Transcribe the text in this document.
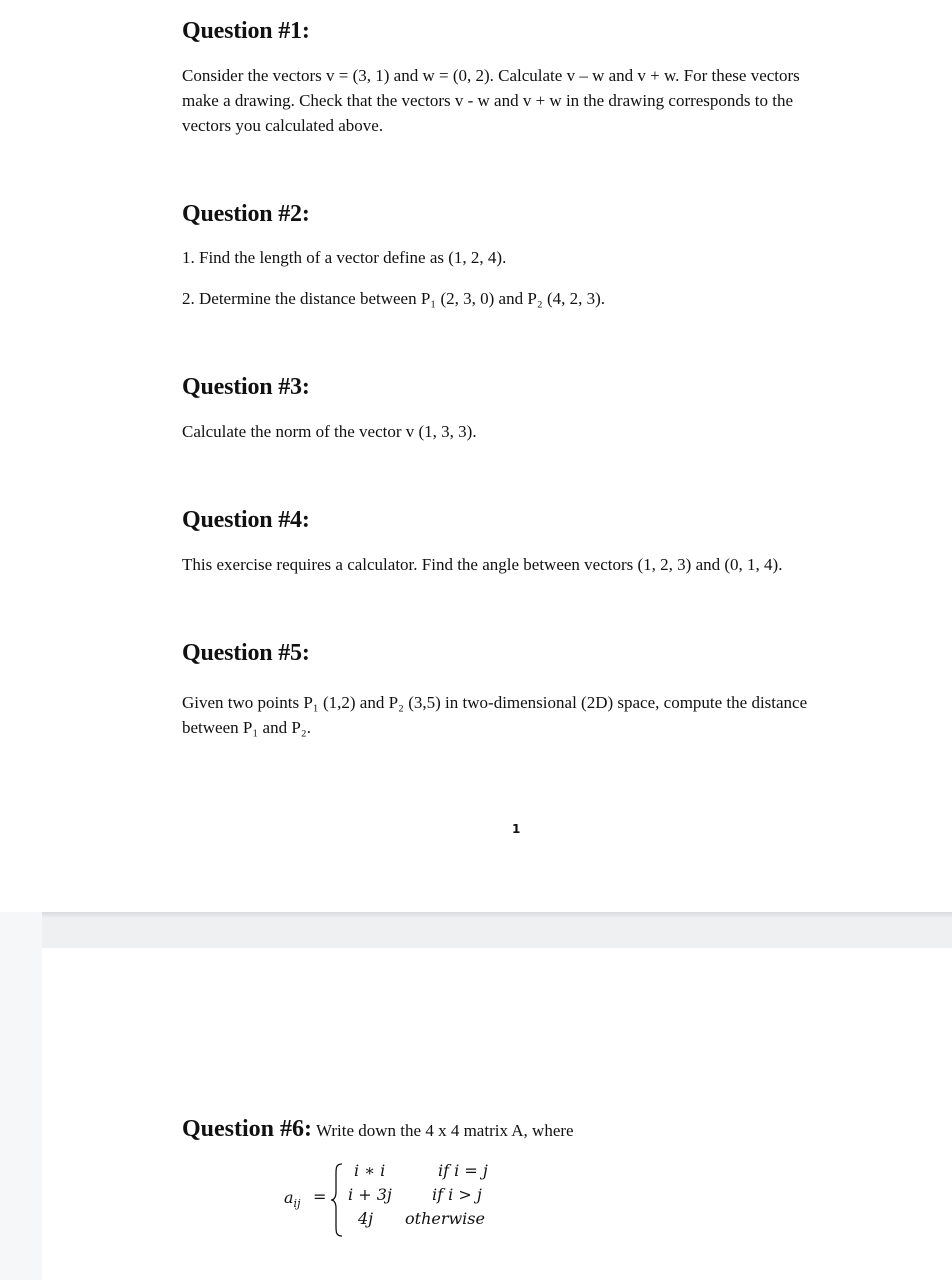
Question #1:

Consider the vectors v = (3, 1) and w = (0, 2). Calculate v – w and v + w. For these vectors make a drawing. Check that the vectors v - w and v + w in the drawing corresponds to the vectors you calculated above.

Question #2:

1. Find the length of a vector define as (1, 2, 4).

2. Determine the distance between P₁ (2, 3, 0) and P₂ (4, 2, 3).

Question #3:

Calculate the norm of the vector v (1, 3, 3).

Question #4:

This exercise requires a calculator. Find the angle between vectors (1, 2, 3) and (0, 1, 4).

Question #5:

Given two points P₁ (1,2) and P₂ (3,5) in two-dimensional (2D) space, compute the distance between P₁ and P₂.

1
Question #6: Write down the 4 x 4 matrix A, where
$a_{ij}$ =
i ∗ i	if i = j
i + 3j	if i > j
4j otherwise
